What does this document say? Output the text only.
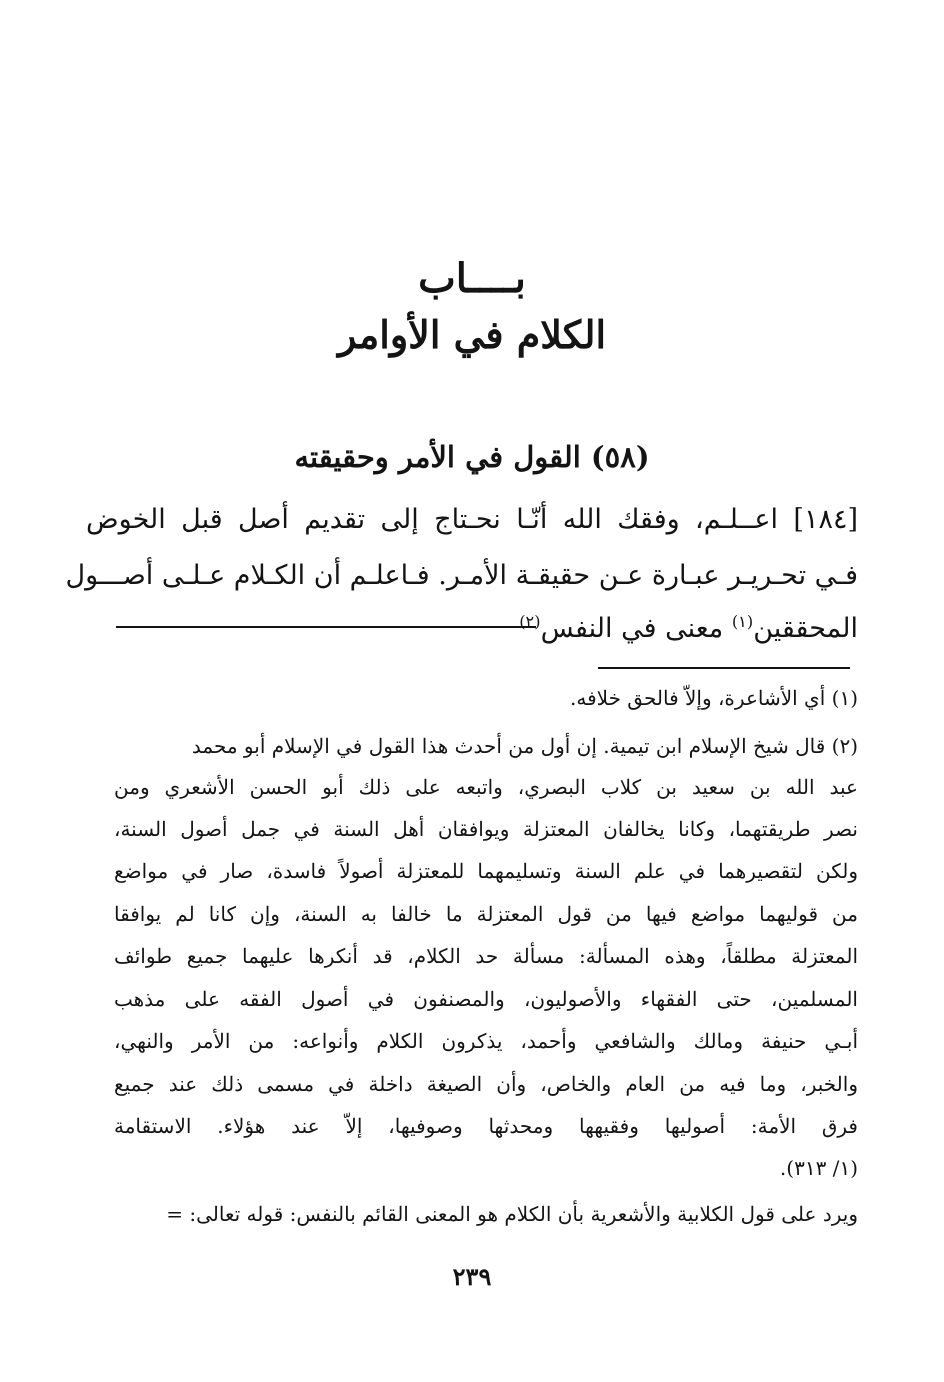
بــــاب
الكلام في الأوامر
(٥٨) القول في الأمر وحقيقته
[١٨٤] اعــلـم، وفقك الله أنّـا نحـتاج إلى تقديم أصل قبل الخوض
فـي تحـريـر عبـارة عـن حقيقـة الأمـر. فـاعلـم أن الكـلام عـلـى أصـــول
المحققين$^{(١)}$ معنى في النفس$^{(٢)}$
(١) أي الأشاعرة، وإلاّ فالحق خلافه.
(٢) قال شيخ الإسلام ابن تيمية. إن أول من أحدث هذا القول في الإسلام أبو محمد
عبد الله بن سعيد بن كلاب البصري، واتبعه على ذلك أبو الحسن الأشعري ومن
نصر طريقتهما، وكانا يخالفان المعتزلة ويوافقان أهل السنة في جمل أصول السنة،
ولكن لتقصيرهما في علم السنة وتسليمهما للمعتزلة أصولاً فاسدة، صار في مواضع
من قوليهما مواضع فيها من قول المعتزلة ما خالفا به السنة، وإن كانا لم يوافقا
المعتزلة مطلقاً، وهذه المسألة: مسألة حد الكلام، قد أنكرها عليهما جميع طوائف
المسلمين، حتى الفقهاء والأصوليون، والمصنفون في أصول الفقه على مذهب
أبـي حنيفة ومالك والشافعي وأحمد، يذكرون الكلام وأنواعه: من الأمر والنهي،
والخبر، وما فيه من العام والخاص، وأن الصيغة داخلة في مسمى ذلك عند جميع
فرق الأمة: أصوليها وفقيهها ومحدثها وصوفيها، إلاّ عند هؤلاء. الاستقامة
(١/ ٣١٣).
ويرد على قول الكلابية والأشعرية بأن الكلام هو المعنى القائم بالنفس: قوله تعالى: =
٢٣٩
